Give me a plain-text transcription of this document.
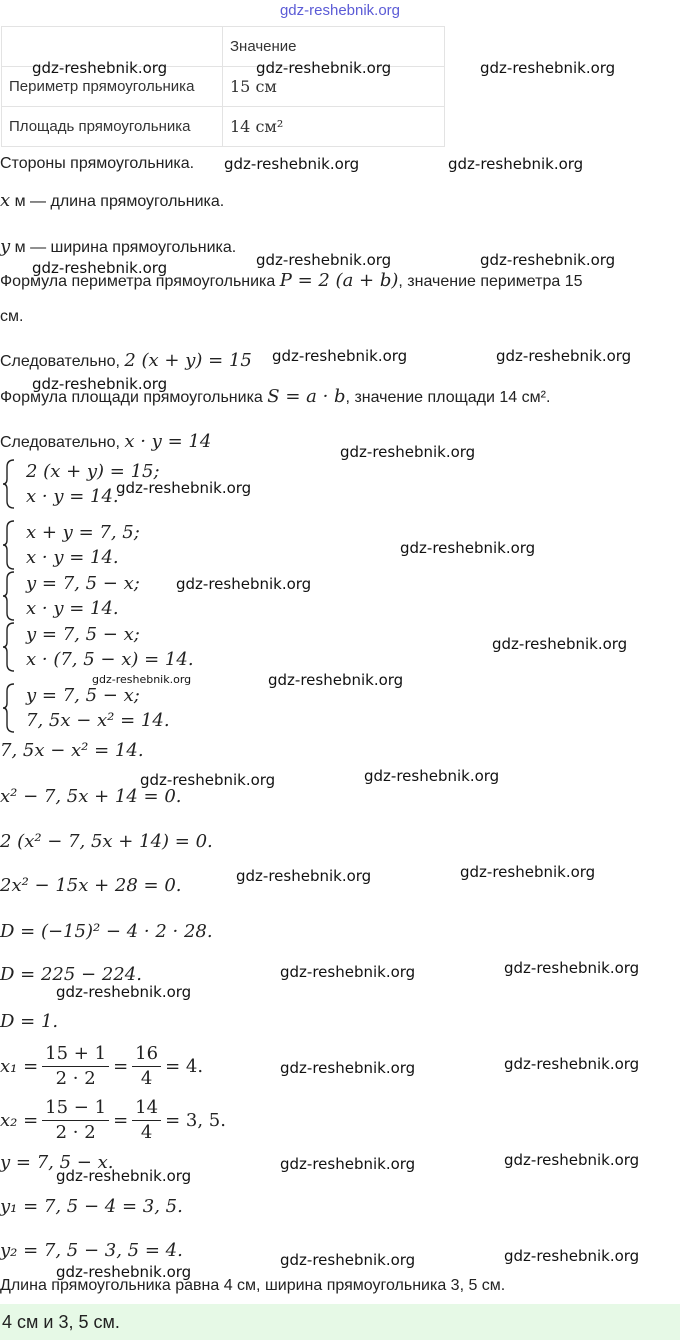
gdz-reshebnik.org
	Значение
Периметр прямоугольника	15 см
Площадь прямоугольника	14 см²
Стороны прямоугольника.
x м — длина прямоугольника.
y м — ширина прямоугольника.
Формула периметра прямоугольника P = 2 (a + b), значение периметра 15
см.
Следовательно, 2 (x + y) = 15
Формула площади прямоугольника S = a · b, значение площади 14 см².
Следовательно, x · y = 14
2 (x + y) = 15;
x · y = 14.
x + y = 7, 5;
x · y = 14.
y = 7, 5 − x;
x · y = 14.
y = 7, 5 − x;
x · (7, 5 − x) = 14.
y = 7, 5 − x;
7, 5x − x² = 14.
7, 5x − x² = 14.
x² − 7, 5x + 14 = 0.
2 (x² − 7, 5x + 14) = 0.
2x² − 15x + 28 = 0.
D = (−15)² − 4 · 2 · 28.
D = 225 − 224.
D = 1.
$x_1 = \frac{15 + 1}{2 \cdot 2} = \frac{16}{4} = 4$.
$x_2 = \frac{15 - 1}{2 \cdot 2} = \frac{14}{4} = 3$, 5.
y = 7, 5 − x.
y₁ = 7, 5 − 4 = 3, 5.
y₂ = 7, 5 − 3, 5 = 4.
Длина прямоугольника равна 4 см, ширина прямоугольника 3, 5 см.
4 см и 3, 5 см.
gdz-reshebnik.org	gdz-reshebnik.org	gdz-reshebnik.org
gdz-reshebnik.org	gdz-reshebnik.org
gdz-reshebnik.org	gdz-reshebnik.org
gdz-reshebnik.org
gdz-reshebnik.org	gdz-reshebnik.org
gdz-reshebnik.org
gdz-reshebnik.org
gdz-reshebnik.org
gdz-reshebnik.org
gdz-reshebnik.org
gdz-reshebnik.org
gdz-reshebnik.org	gdz-reshebnik.org
gdz-reshebnik.org	gdz-reshebnik.org
gdz-reshebnik.org	gdz-reshebnik.org
gdz-reshebnik.org	gdz-reshebnik.org
gdz-reshebnik.org
gdz-reshebnik.org	gdz-reshebnik.org
gdz-reshebnik.org	gdz-reshebnik.org
gdz-reshebnik.org
gdz-reshebnik.org	gdz-reshebnik.org
gdz-reshebnik.org
